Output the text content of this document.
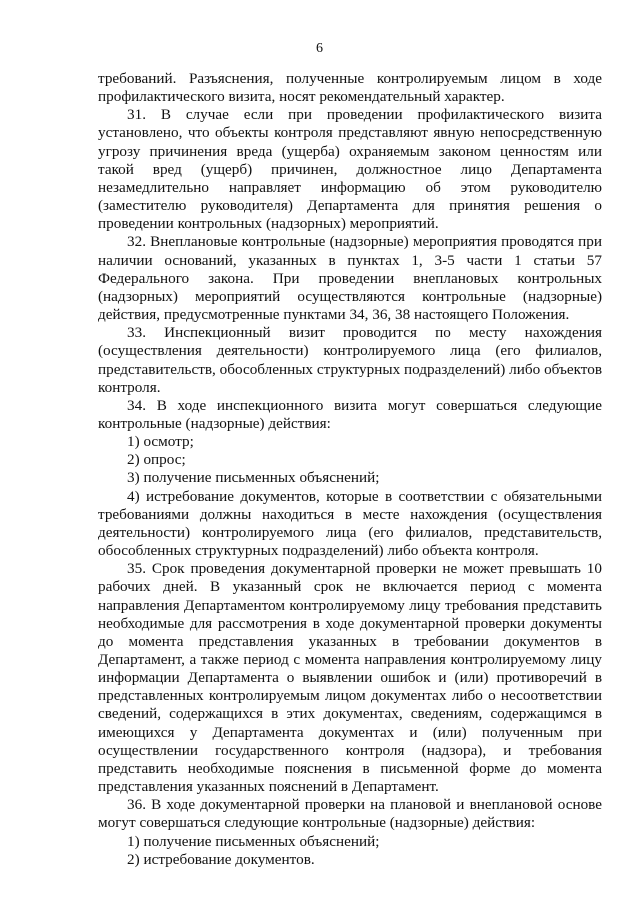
6

требований. Разъяснения, полученные контролируемым лицом в ходе профилактического визита, носят рекомендательный характер.

31. В случае если при проведении профилактического визита установлено, что объекты контроля представляют явную непосредственную угрозу причинения вреда (ущерба) охраняемым законом ценностям или такой вред (ущерб) причинен, должностное лицо Департамента незамедлительно направляет информацию об этом руководителю (заместителю руководителя) Департамента для принятия решения о проведении контрольных (надзорных) мероприятий.

32. Внеплановые контрольные (надзорные) мероприятия проводятся при наличии оснований, указанных в пунктах 1, 3-5 части 1 статьи 57 Федерального закона. При проведении внеплановых контрольных (надзорных) мероприятий осуществляются контрольные (надзорные) действия, предусмотренные пунктами 34, 36, 38 настоящего Положения.

33. Инспекционный визит проводится по месту нахождения (осуществления деятельности) контролируемого лица (его филиалов, представительств, обособленных структурных подразделений) либо объектов контроля.

34. В ходе инспекционного визита могут совершаться следующие контрольные (надзорные) действия:

1) осмотр;

2) опрос;

3) получение письменных объяснений;

4) истребование документов, которые в соответствии с обязательными требованиями должны находиться в месте нахождения (осуществления деятельности) контролируемого лица (его филиалов, представительств, обособленных структурных подразделений) либо объекта контроля.

35. Срок проведения документарной проверки не может превышать 10 рабочих дней. В указанный срок не включается период с момента направления Департаментом контролируемому лицу требования представить необходимые для рассмотрения в ходе документарной проверки документы до момента представления указанных в требовании документов в Департамент, а также период с момента направления контролируемому лицу информации Департамента о выявлении ошибок и (или) противоречий в представленных контролируемым лицом документах либо о несоответствии сведений, содержащихся в этих документах, сведениям, содержащимся в имеющихся у Департамента документах и (или) полученным при осуществлении государственного контроля (надзора), и требования представить необходимые пояснения в письменной форме до момента представления указанных пояснений в Департамент.

36. В ходе документарной проверки на плановой и внеплановой основе могут совершаться следующие контрольные (надзорные) действия:

1) получение письменных объяснений;

2) истребование документов.
